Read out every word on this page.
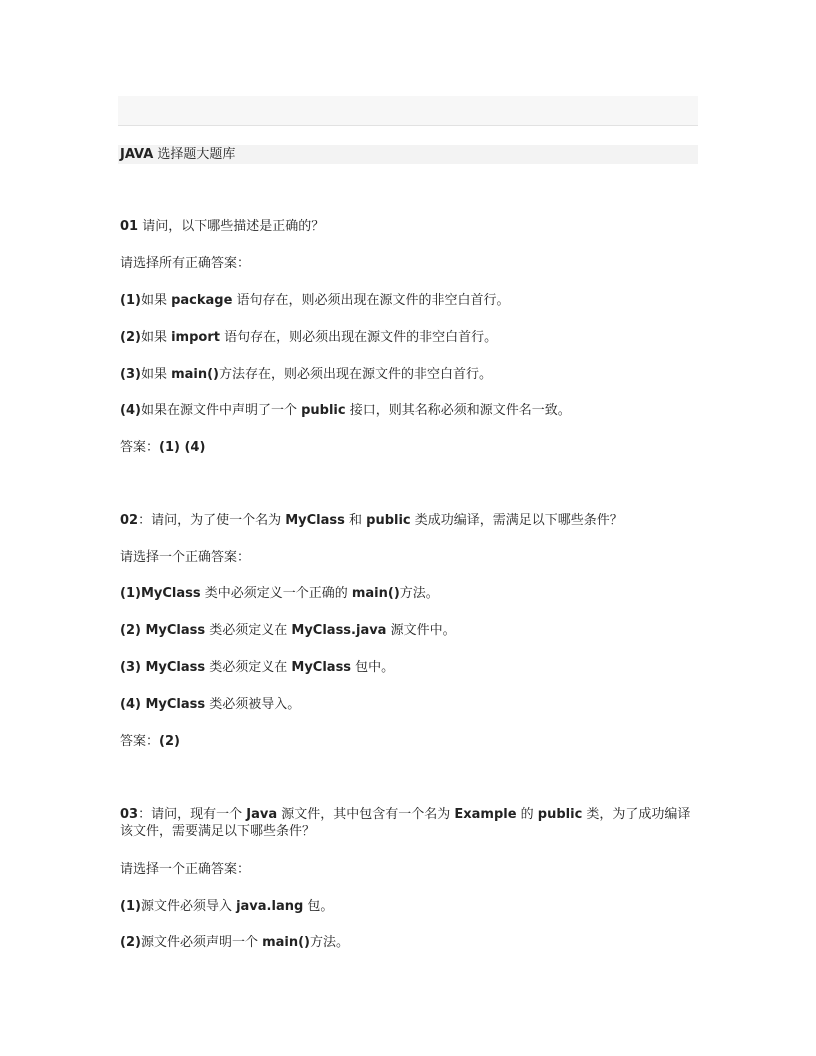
JAVA 选择题大题库
01 请问，以下哪些描述是正确的？
请选择所有正确答案：
(1)如果 package 语句存在，则必须出现在源文件的非空白首行。
(2)如果 import 语句存在，则必须出现在源文件的非空白首行。
(3)如果 main()方法存在，则必须出现在源文件的非空白首行。
(4)如果在源文件中声明了一个 public 接口，则其名称必须和源文件名一致。
答案：(1) (4)
02：请问，为了使一个名为 MyClass 和 public 类成功编译，需满足以下哪些条件？
请选择一个正确答案：
(1)MyClass 类中必须定义一个正确的 main()方法。
(2) MyClass 类必须定义在 MyClass.java 源文件中。
(3) MyClass 类必须定义在 MyClass 包中。
(4) MyClass 类必须被导入。
答案：(2)
03：请问，现有一个 Java 源文件，其中包含有一个名为 Example 的 public 类，为了成功编译该文件，需要满足以下哪些条件？
请选择一个正确答案：
(1)源文件必须导入 java.lang 包。
(2)源文件必须声明一个 main()方法。
